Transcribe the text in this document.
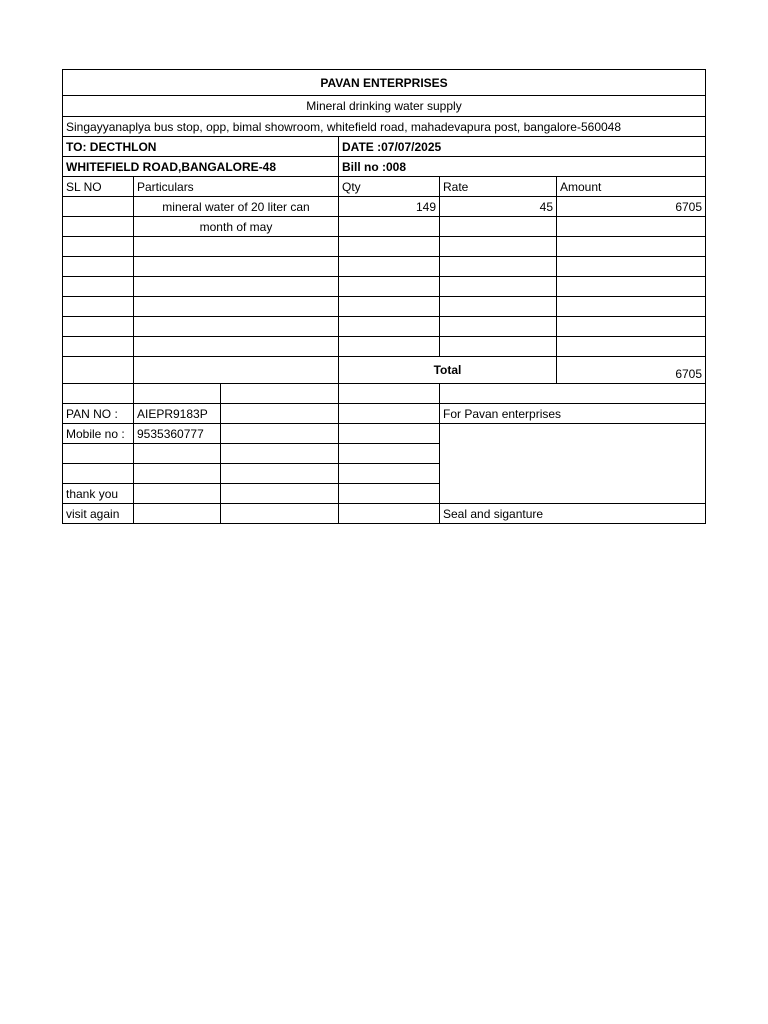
PAVAN ENTERPRISES					
Mineral drinking water supply					
Singayyanaplya bus stop, opp, bimal showroom, whitefield road, mahadevapura post, bangalore-560048					
TO: DECTHLON			DATE :07/07/2025		
WHITEFIELD ROAD,BANGALORE-48			Bill no :008		
SL NO	Particulars		Qty	Rate	Amount
	mineral water of 20 liter can		149	45	6705
	month of may				

			Total		6705

PAN NO :	AIEPR9183P			For Pavan enterprises	
Mobile no :	9535360777				

thank you					
visit again				Seal and siganture	
